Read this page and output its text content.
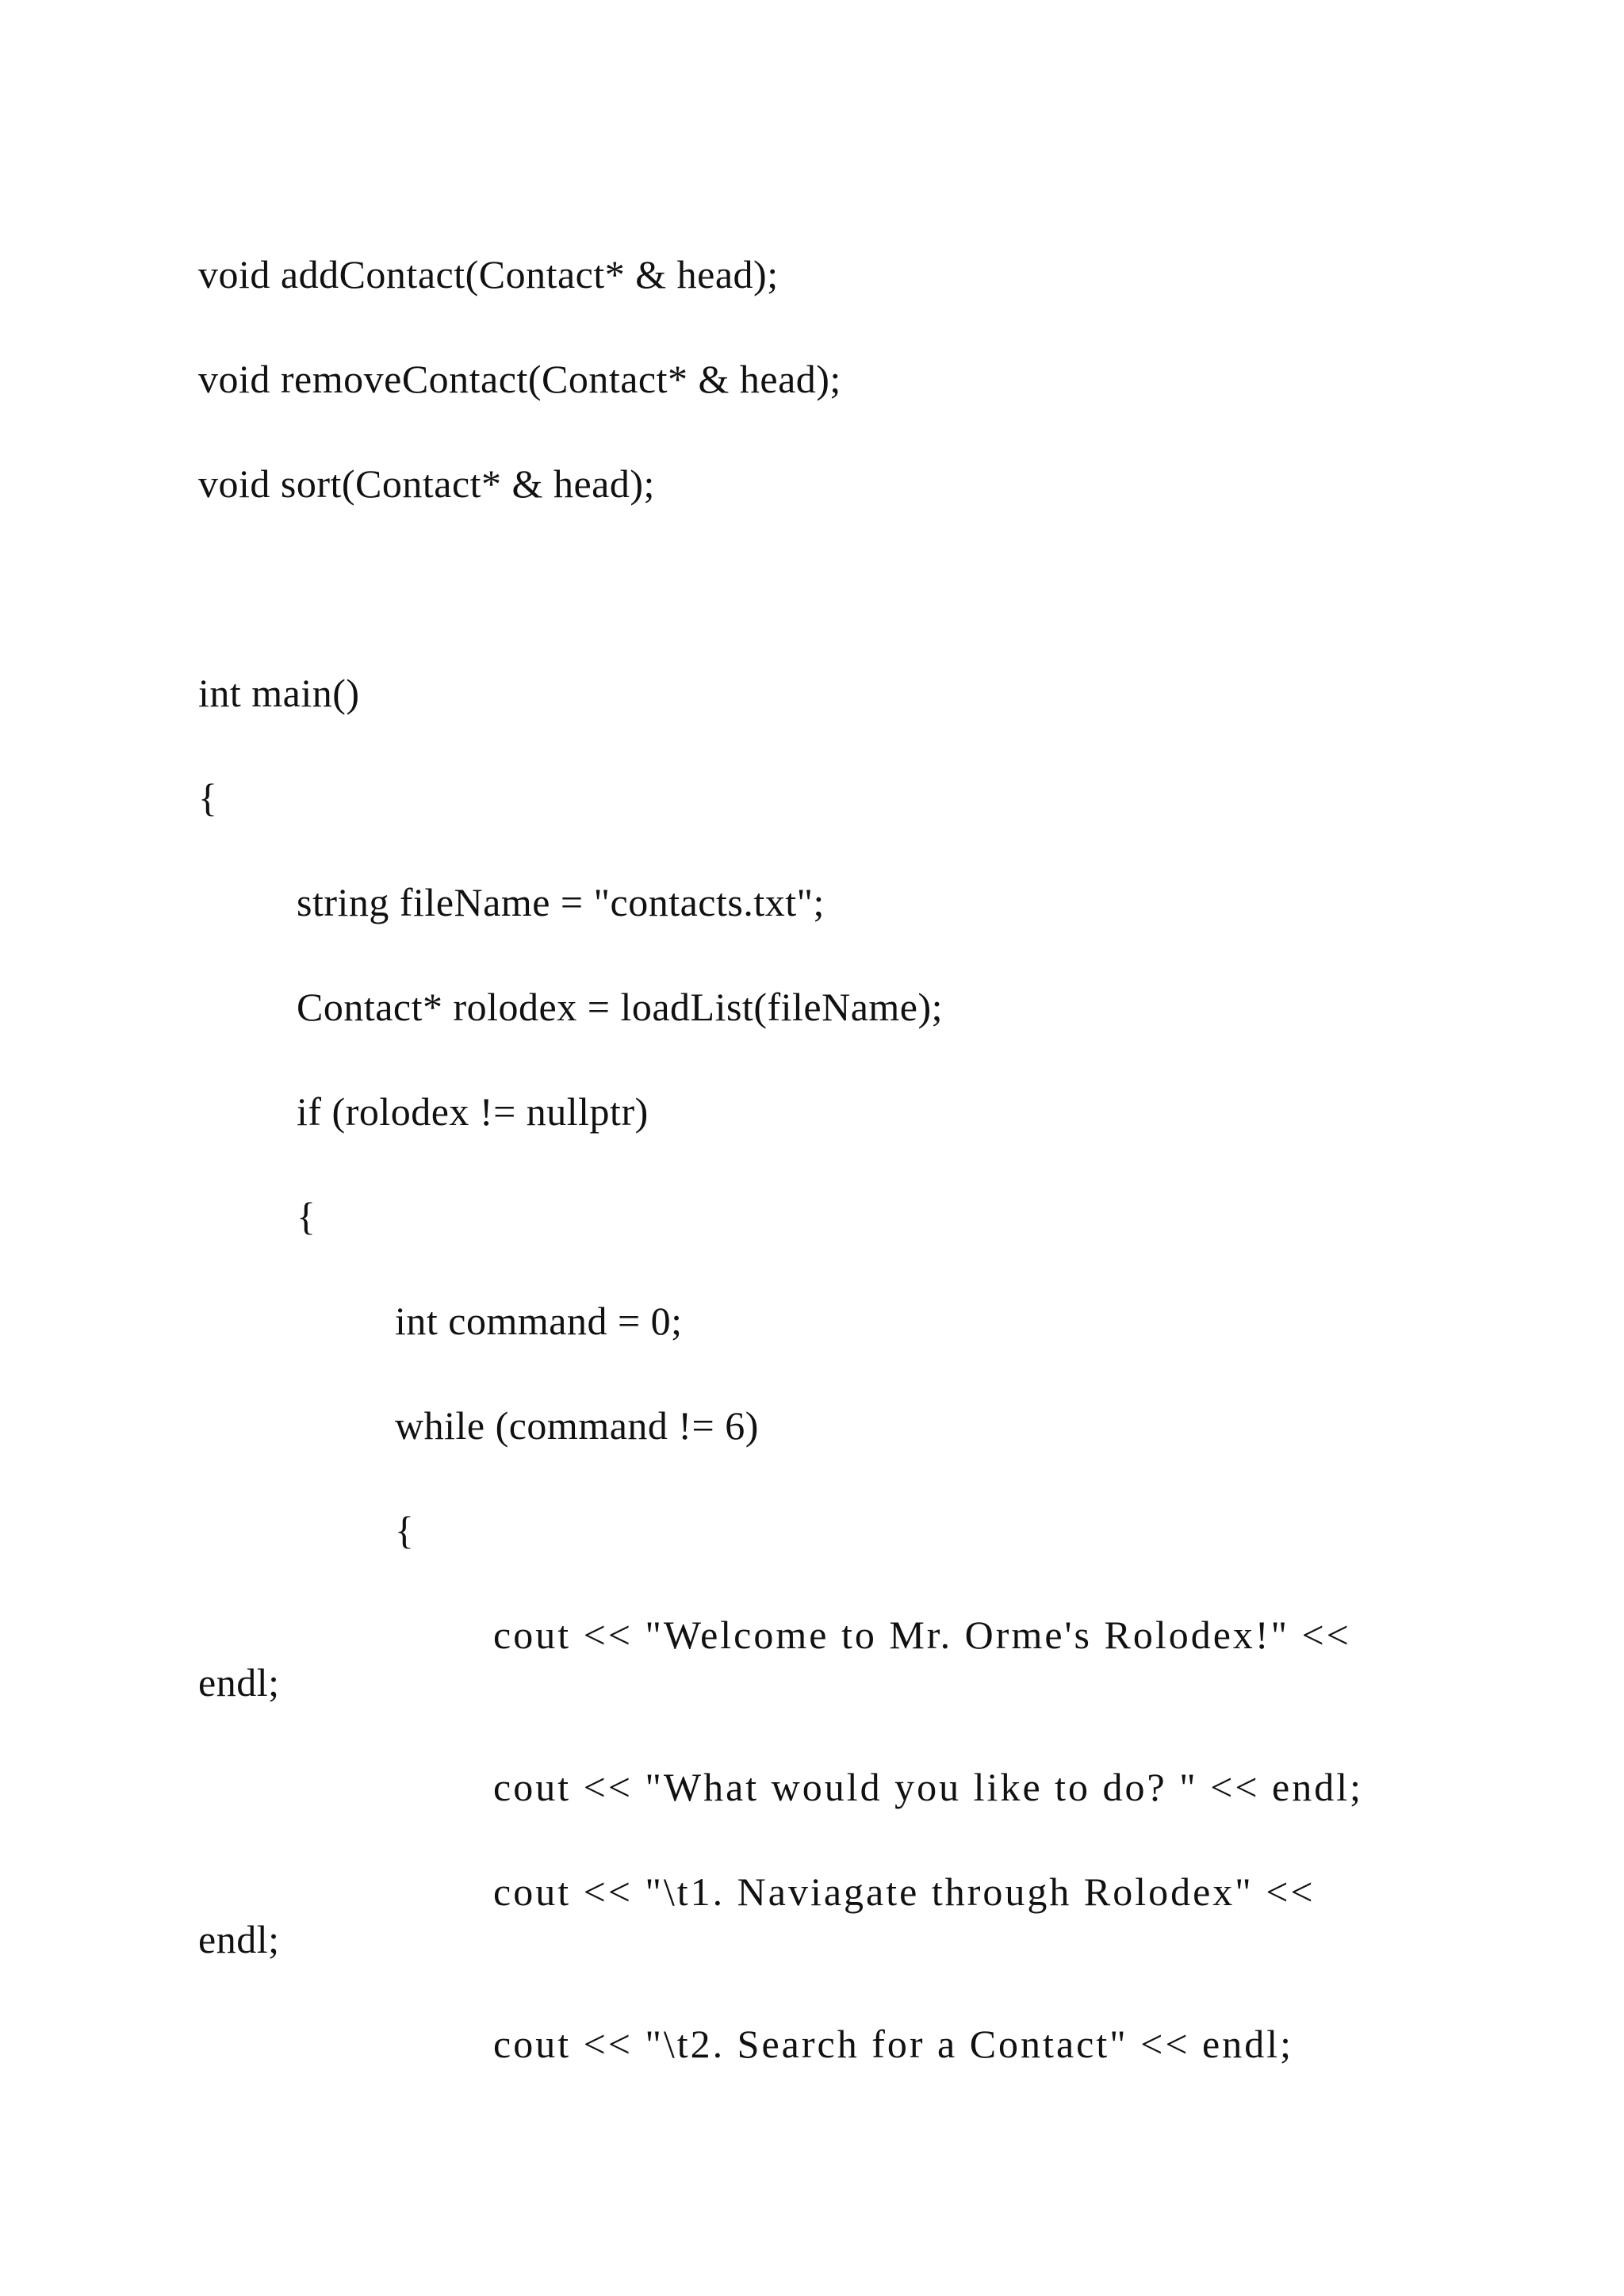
void addContact(Contact* & head);

void removeContact(Contact* & head);

void sort(Contact* & head);

int main()

{

string fileName = "contacts.txt";

Contact* rolodex = loadList(fileName);

if (rolodex != nullptr)

{

int command = 0;

while (command != 6)

{

cout << "Welcome to Mr. Orme's Rolodex!" <<

endl;

cout << "What would you like to do? " << endl;

cout << "\t1. Naviagate through Rolodex" <<

endl;

cout << "\t2. Search for a Contact" << endl;
